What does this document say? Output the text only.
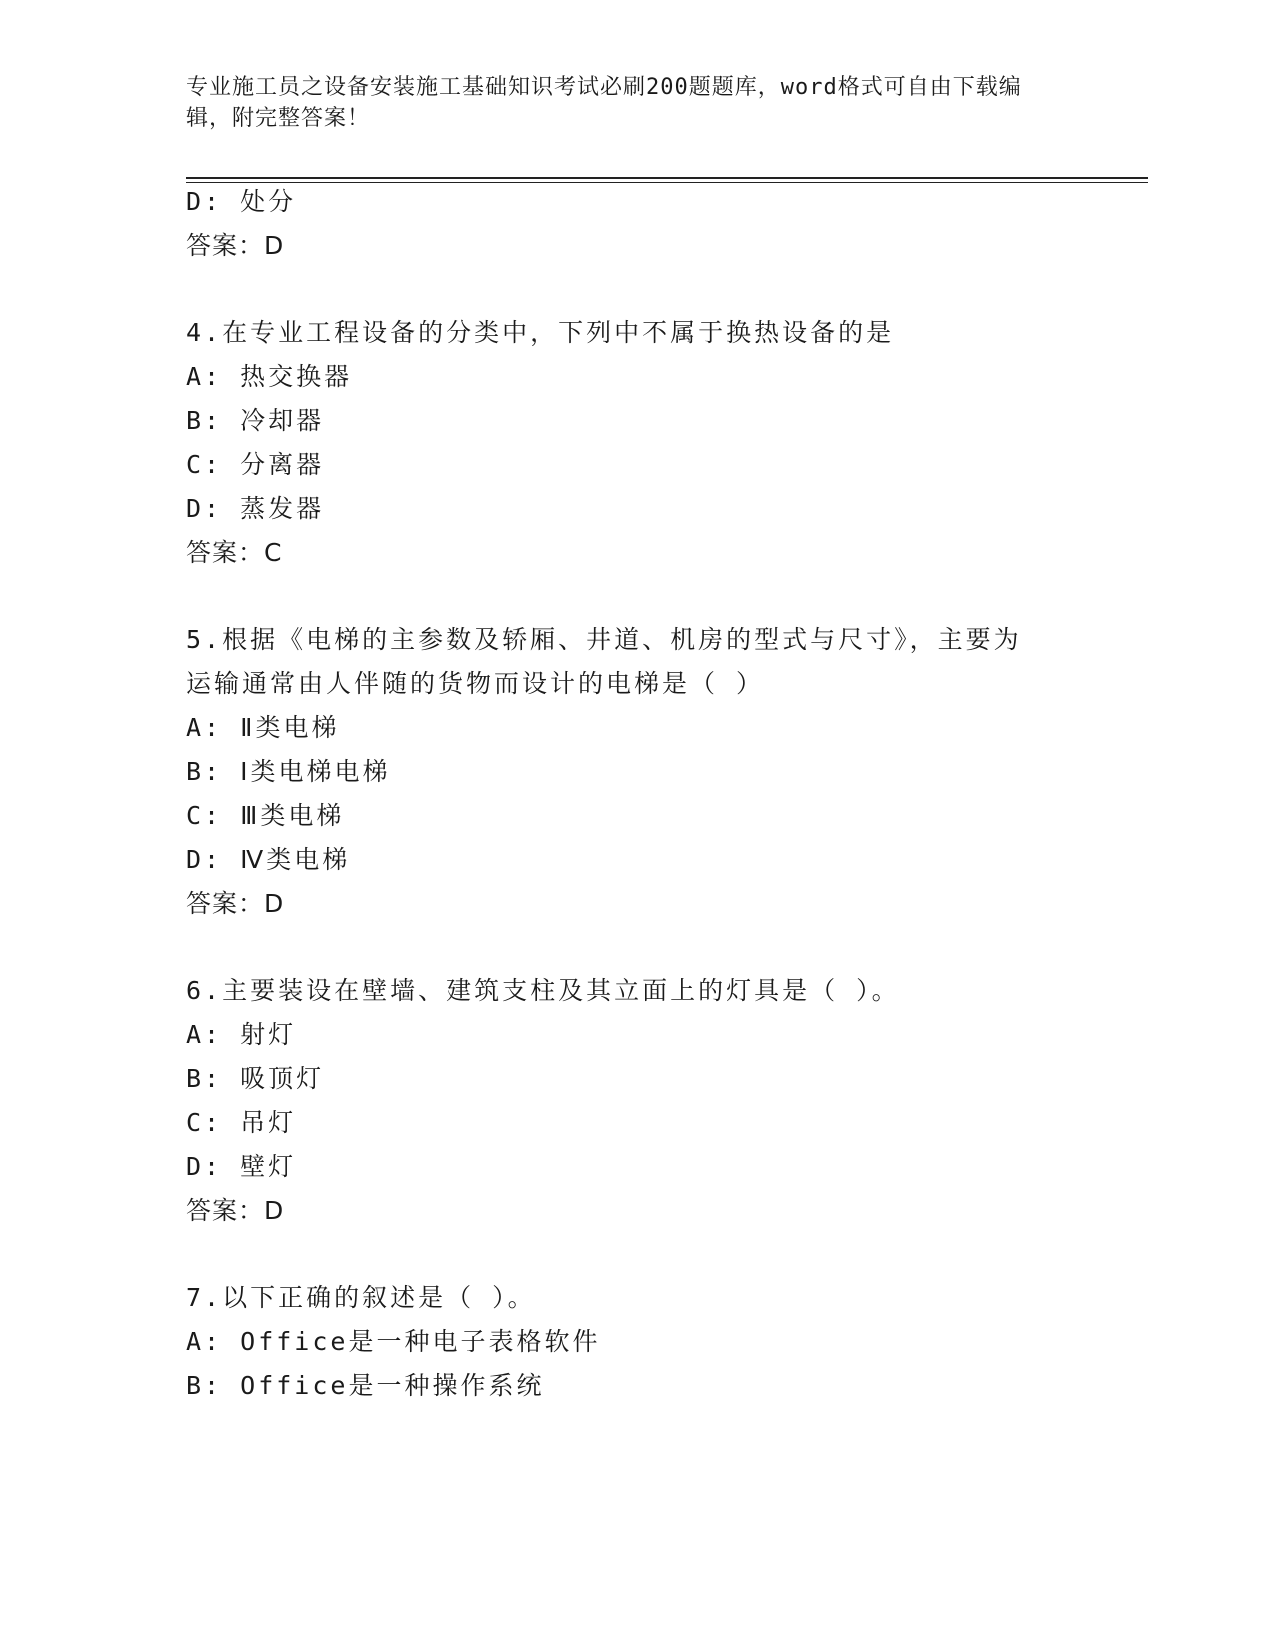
专业施工员之设备安装施工基础知识考试必刷200题题库，word格式可自由下载编辑，附完整答案！
D: 处分
答案：D
4.在专业工程设备的分类中，下列中不属于换热设备的是
A: 热交换器
B: 冷却器
C: 分离器
D: 蒸发器
答案：C
5.根据《电梯的主参数及轿厢、井道、机房的型式与尺寸》，主要为
运输通常由人伴随的货物而设计的电梯是（ ）
A: Ⅱ类电梯
B: Ⅰ类电梯电梯
C: Ⅲ类电梯
D: Ⅳ类电梯
答案：D
6.主要装设在壁墙、建筑支柱及其立面上的灯具是（ ）。
A: 射灯
B: 吸顶灯
C: 吊灯
D: 壁灯
答案：D
7.以下正确的叙述是（ ）。
A: Office是一种电子表格软件
B: Office是一种操作系统
